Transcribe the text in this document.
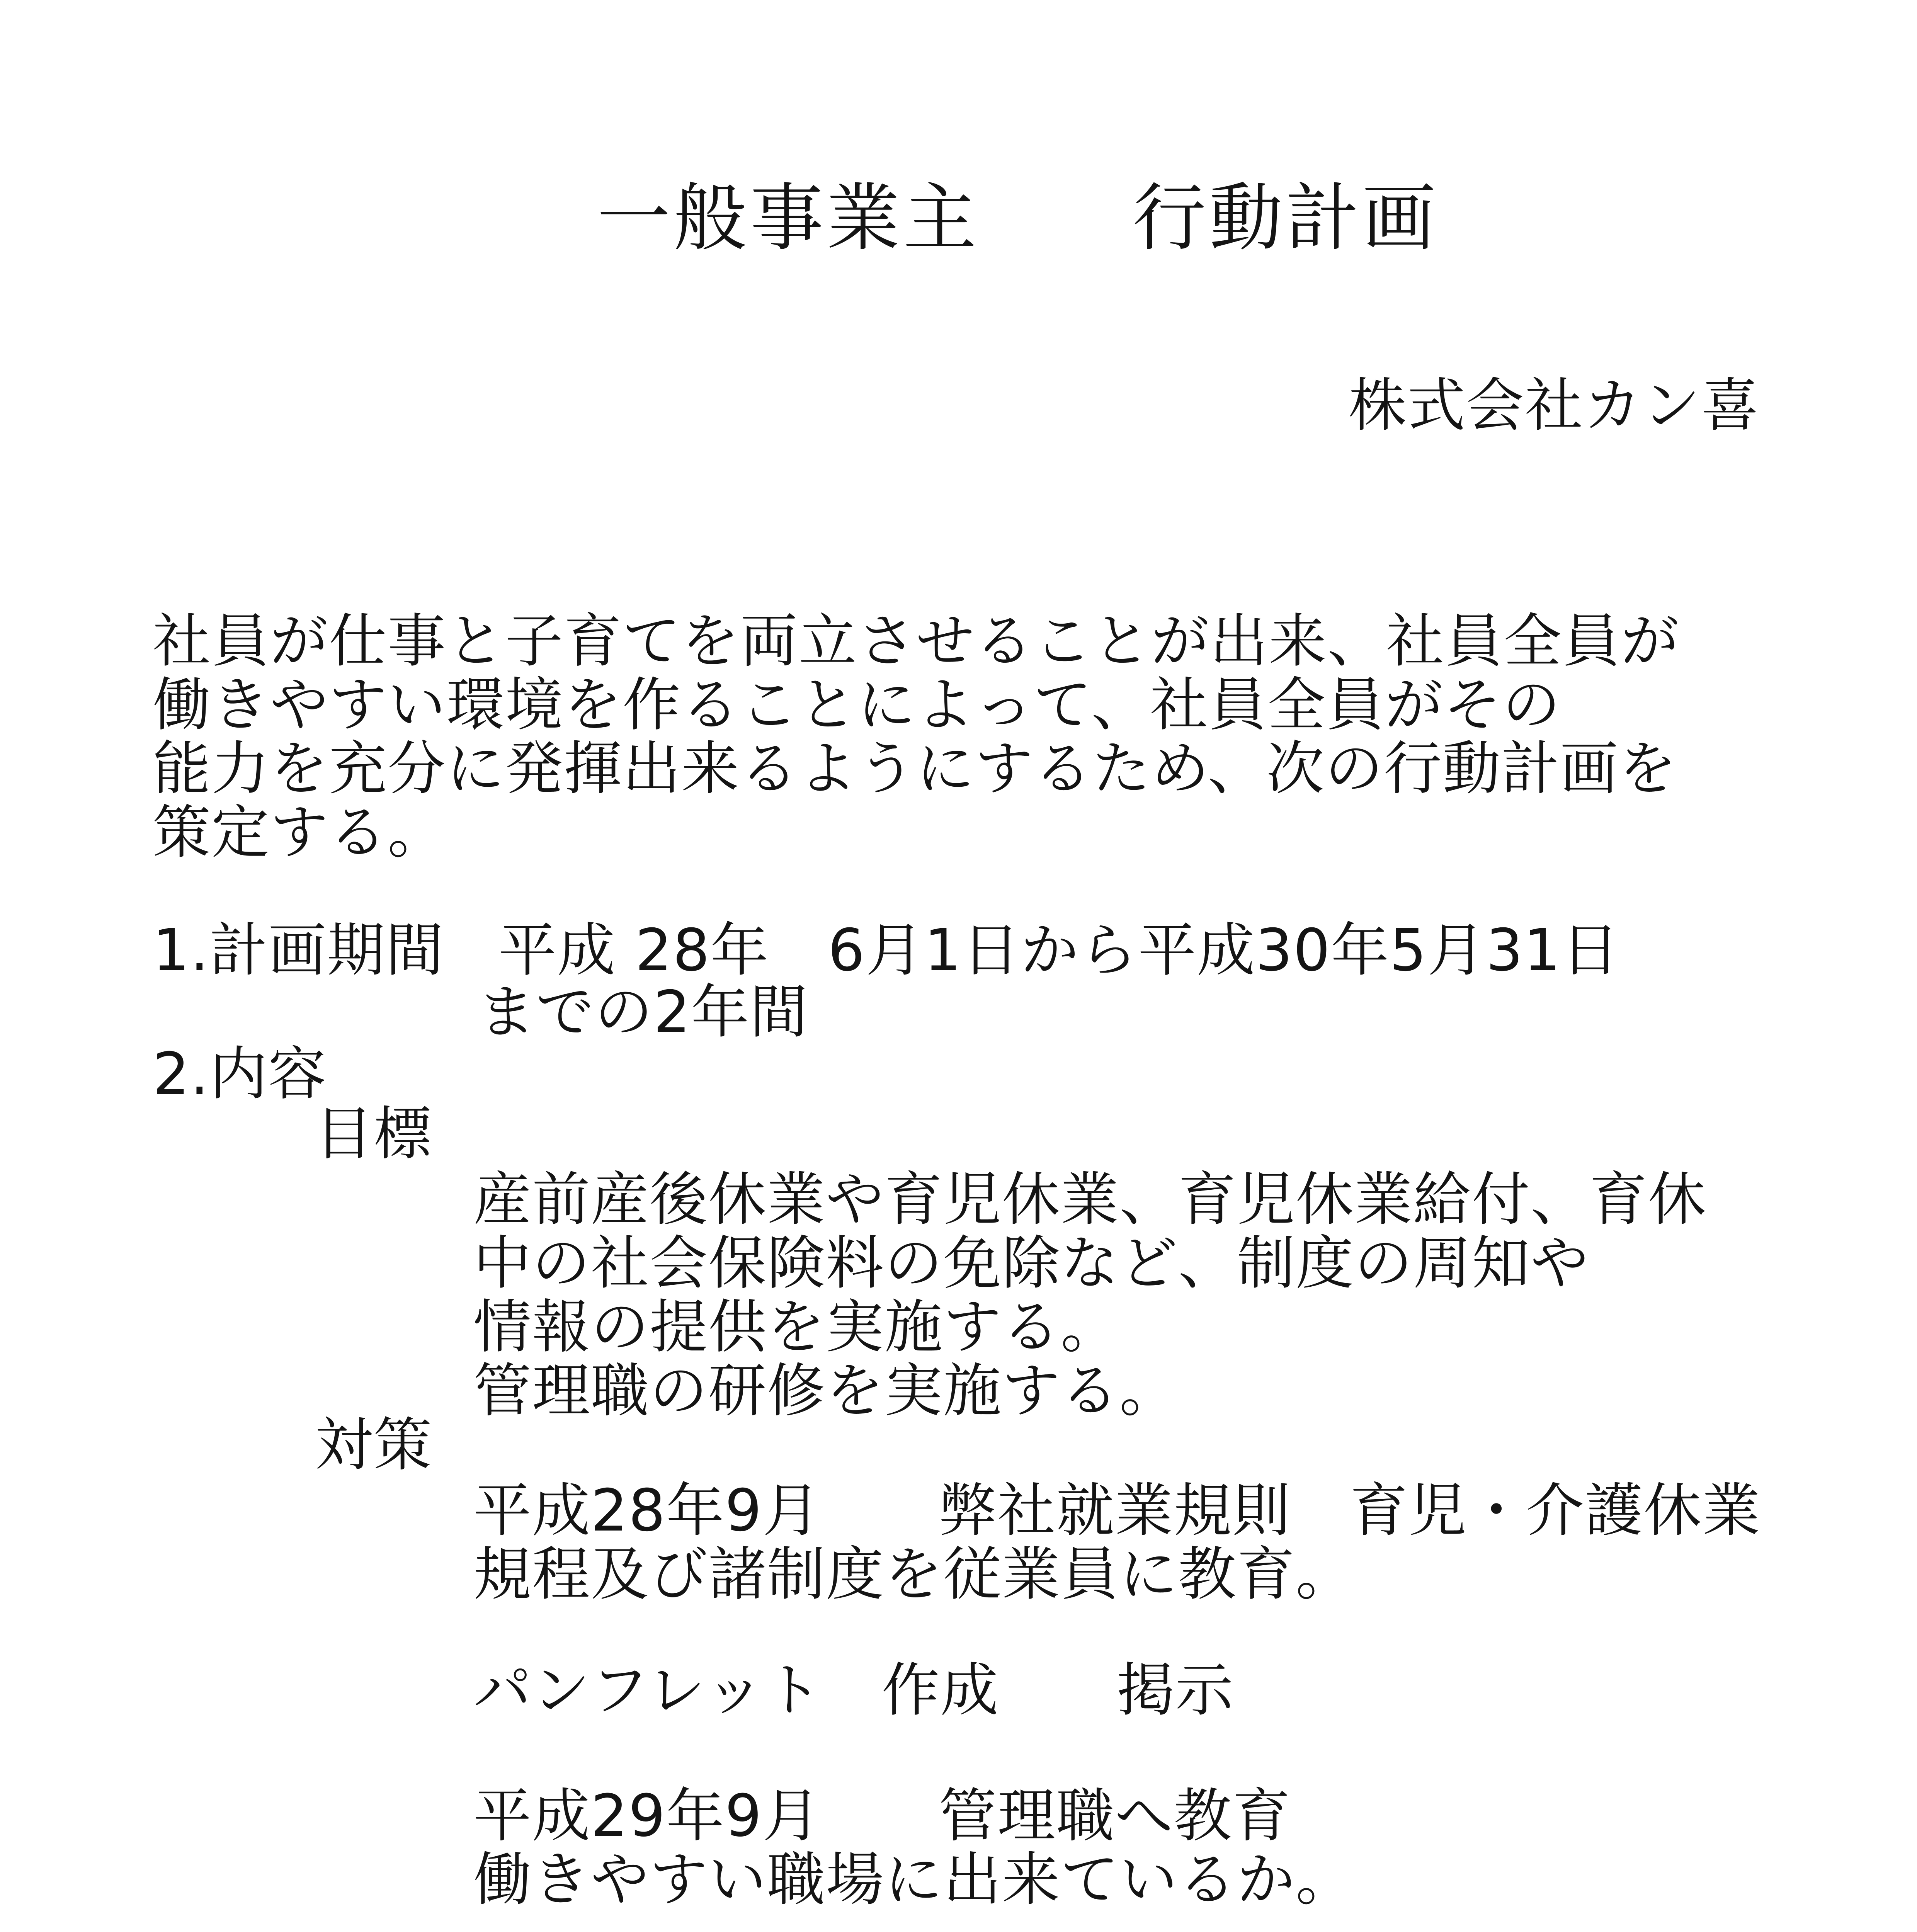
一般事業主　　行動計画
株式会社カン喜
社員が仕事と子育てを両立させることが出来、社員全員が
働きやすい環境を作ることによって、社員全員がその
能力を充分に発揮出来るようにするため、次の行動計画を
策定する。
1.計画期間 平成 28年　6月1日から平成30年5月31日
までの2年間
2.内容
目標
産前産後休業や育児休業、育児休業給付、育休
中の社会保険料の免除など、制度の周知や
情報の提供を実施する。
管理職の研修を実施する。
対策
平成28年9月　　弊社就業規則　育児・介護休業
規程及び諸制度を従業員に教育。
パンフレット　作成　　掲示
平成29年9月　　管理職へ教育
働きやすい職場に出来ているか。
